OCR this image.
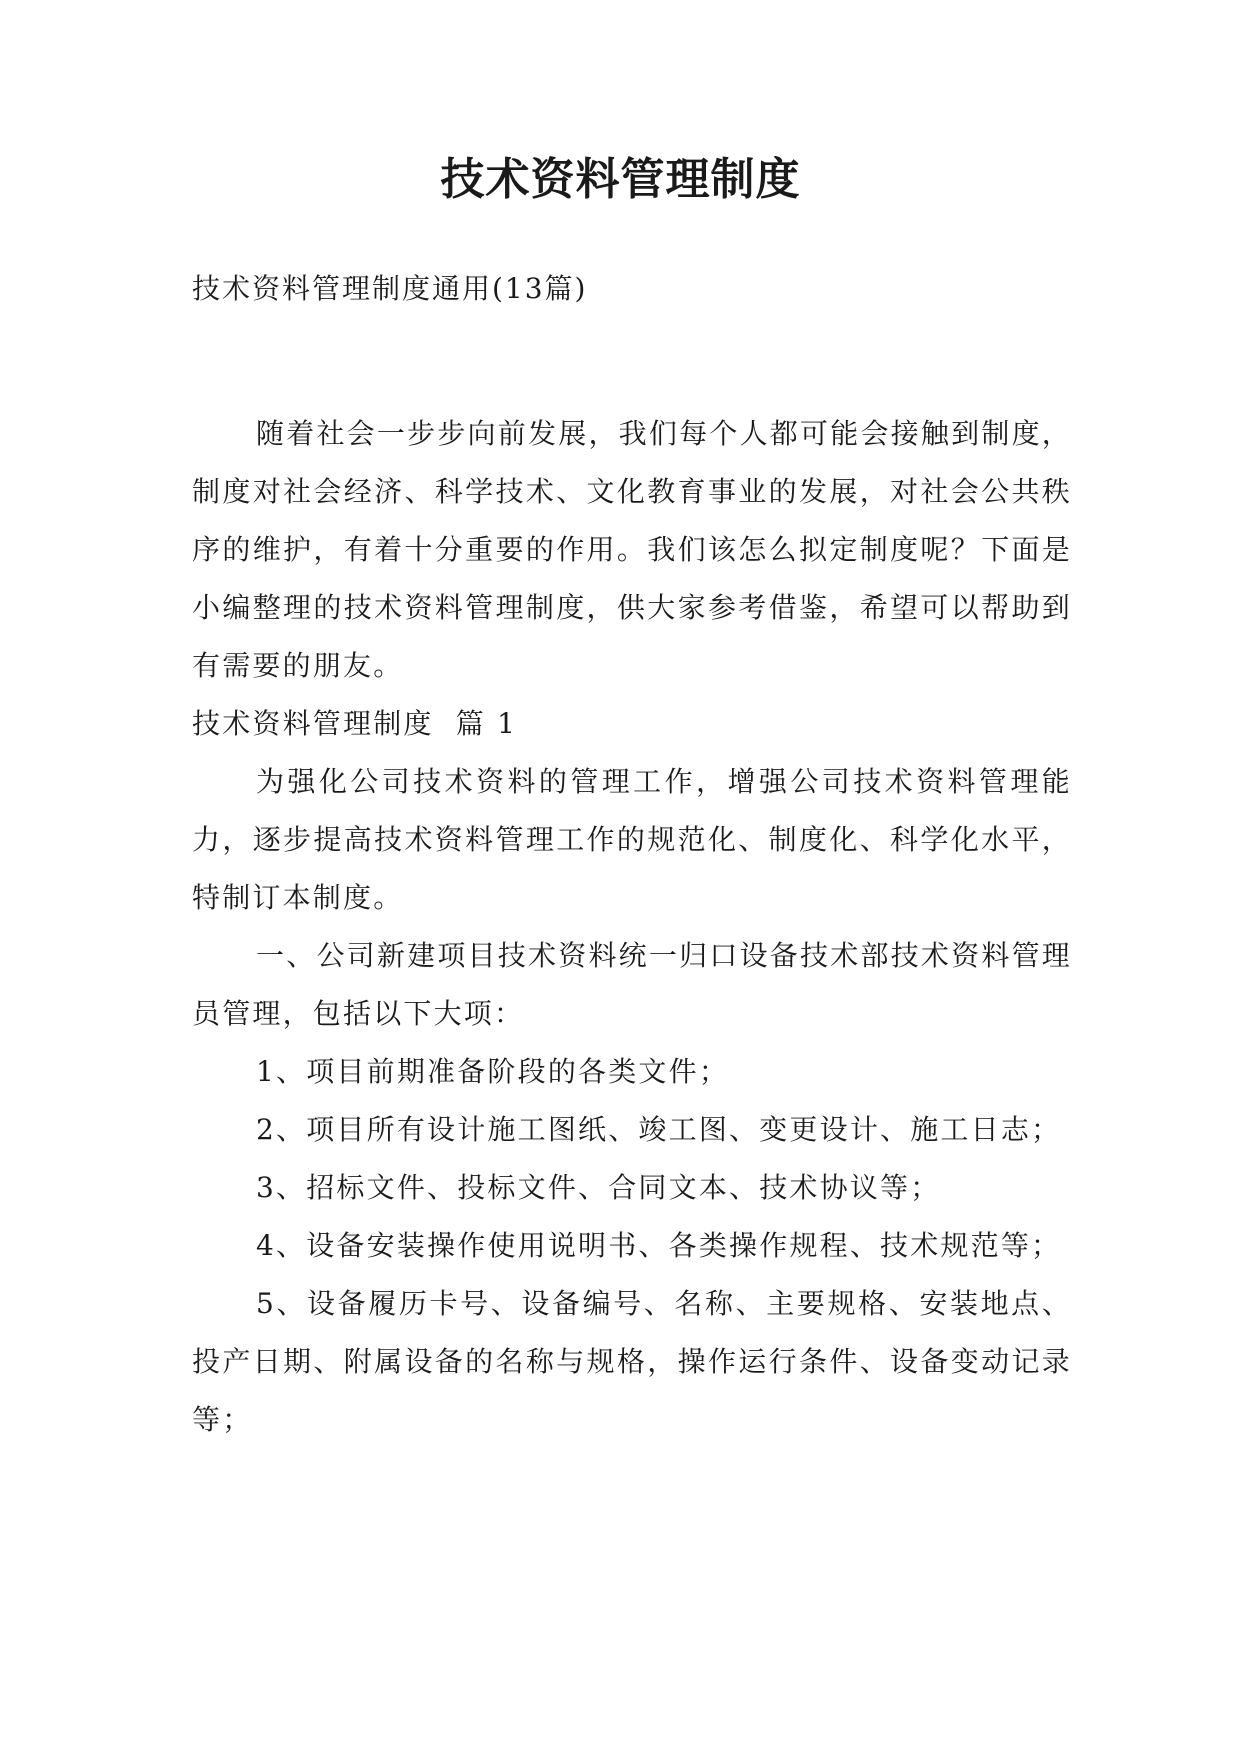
技术资料管理制度

技术资料管理制度通用(13篇)

随着社会一步步向前发展，我们每个人都可能会接触到制度，制度对社会经济、科学技术、文化教育事业的发展，对社会公共秩序的维护，有着十分重要的作用。我们该怎么拟定制度呢？下面是小编整理的技术资料管理制度，供大家参考借鉴，希望可以帮助到有需要的朋友。

技术资料管理制度  篇 1

为强化公司技术资料的管理工作，增强公司技术资料管理能力，逐步提高技术资料管理工作的规范化、制度化、科学化水平，特制订本制度。

一、公司新建项目技术资料统一归口设备技术部技术资料管理员管理，包括以下大项：

1、项目前期准备阶段的各类文件；

2、项目所有设计施工图纸、竣工图、变更设计、施工日志；

3、招标文件、投标文件、合同文本、技术协议等；

4、设备安装操作使用说明书、各类操作规程、技术规范等；

5、设备履历卡号、设备编号、名称、主要规格、安装地点、投产日期、附属设备的名称与规格，操作运行条件、设备变动记录等；
